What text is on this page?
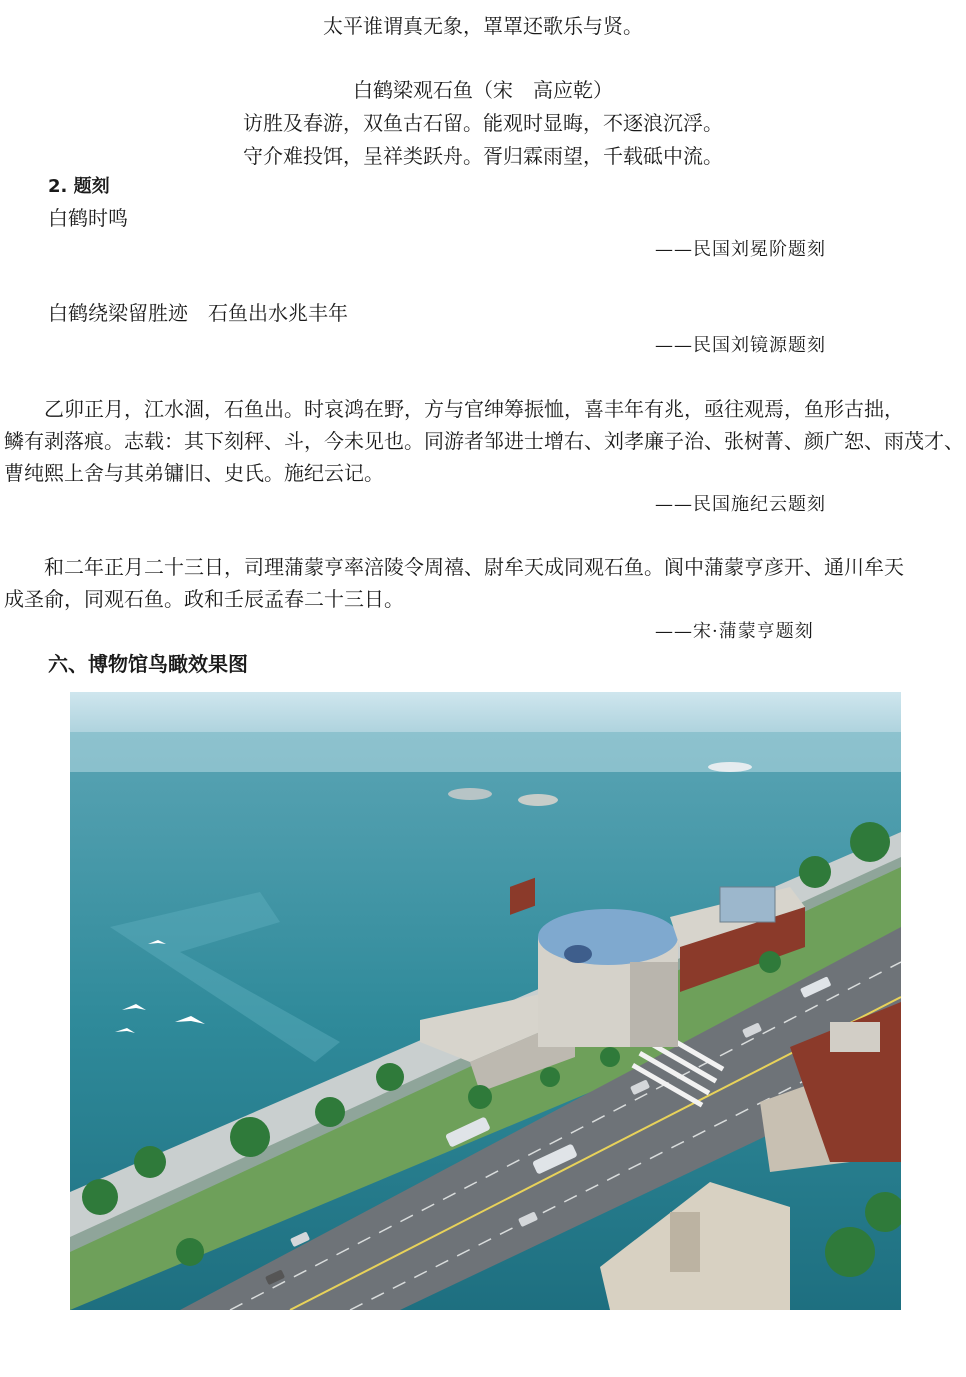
太平谁谓真无象，罩罩还歌乐与贤。
白鹤梁观石鱼（宋　高应乾）
访胜及春游，双鱼古石留。能观时显晦，不逐浪沉浮。
守介难投饵，呈祥类跃舟。胥归霖雨望，千载砥中流。
2. 题刻
白鹤时鸣
——民国刘冕阶题刻
白鹤绕梁留胜迹　石鱼出水兆丰年
——民国刘镜源题刻
　　乙卯正月，江水涸，石鱼出。时哀鸿在野，方与官绅筹振恤，喜丰年有兆，亟往观焉，鱼形古拙，
鳞有剥落痕。志载：其下刻秤、斗，今未见也。同游者邹进士增右、刘孝廉子治、张树菁、颜广恕、雨茂才、
曹纯熙上舍与其弟镛旧、史氏。施纪云记。
——民国施纪云题刻
　　和二年正月二十三日，司理蒲蒙亨率涪陵令周禧、尉牟天成同观石鱼。阆中蒲蒙亨彦开、通川牟天
成圣俞，同观石鱼。政和壬辰孟春二十三日。
——宋·蒲蒙亨题刻
六、博物馆鸟瞰效果图
